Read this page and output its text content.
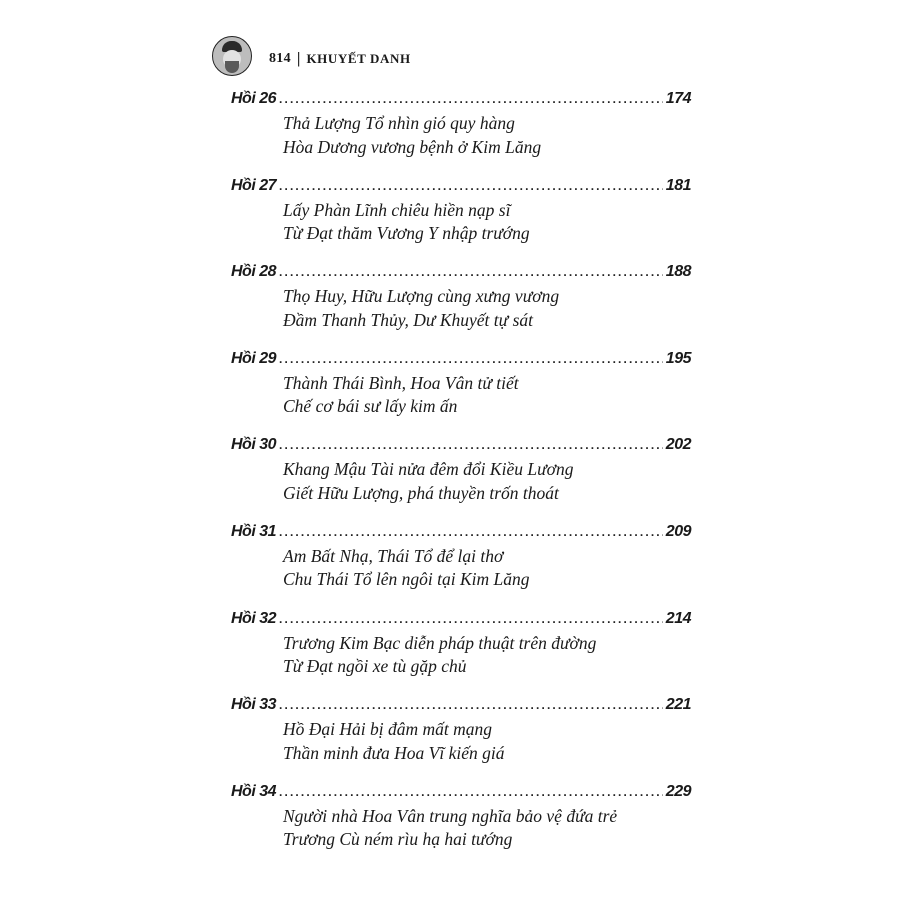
814 | KHUYẾT DANH
Hồi 26 . . .	174
Thả Lượng Tổ nhìn gió quy hàng
Hòa Dương vương bệnh ở Kim Lăng
Hồi 27 . . .	181
Lấy Phàn Lĩnh chiêu hiền nạp sĩ
Từ Đạt thăm Vương Y nhập trướng
Hồi 28 . . .	188
Thọ Huy, Hữu Lượng cùng xưng vương
Đầm Thanh Thủy, Dư Khuyết tự sát
Hồi 29 . . .	195
Thành Thái Bình, Hoa Vân tử tiết
Chế cơ bái sư lấy kim ấn
Hồi 30 . . .	202
Khang Mậu Tài nửa đêm đổi Kiều Lương
Giết Hữu Lượng, phá thuyền trốn thoát
Hồi 31 . . .	209
Am Bất Nhạ, Thái Tổ để lại thơ
Chu Thái Tổ lên ngôi tại Kim Lăng
Hồi 32 . . .	214
Trương Kim Bạc diễn pháp thuật trên đường
Từ Đạt ngồi xe tù gặp chủ
Hồi 33 . . .	221
Hồ Đại Hải bị đâm mất mạng
Thần minh đưa Hoa Vĩ kiến giá
Hồi 34 . . .	229
Người nhà Hoa Vân trung nghĩa bảo vệ đứa trẻ
Trương Cù ném rìu hạ hai tướng
